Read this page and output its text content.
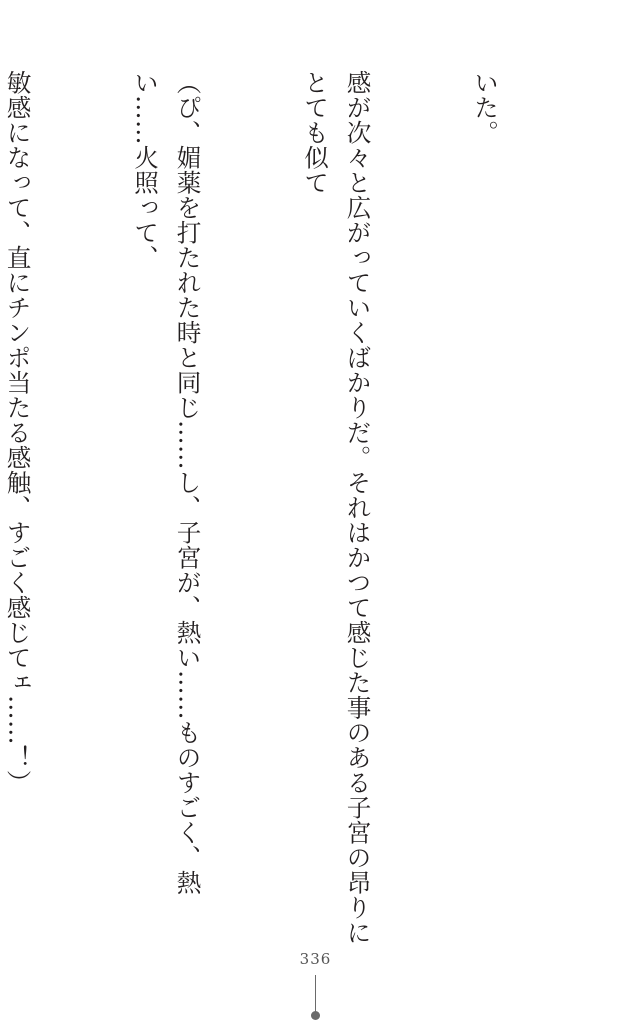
いた。

感が次々と広がっていくばかりだ。それはかつて感じた事のある子宮の昂りにとても似て

（ぴ、媚薬を打たれた時と同じ……し、子宮が、熱い……ものすごく、熱い……火照って、

敏感になって、直にチンポ当たる感触、すごく感じてェ……！）

336
